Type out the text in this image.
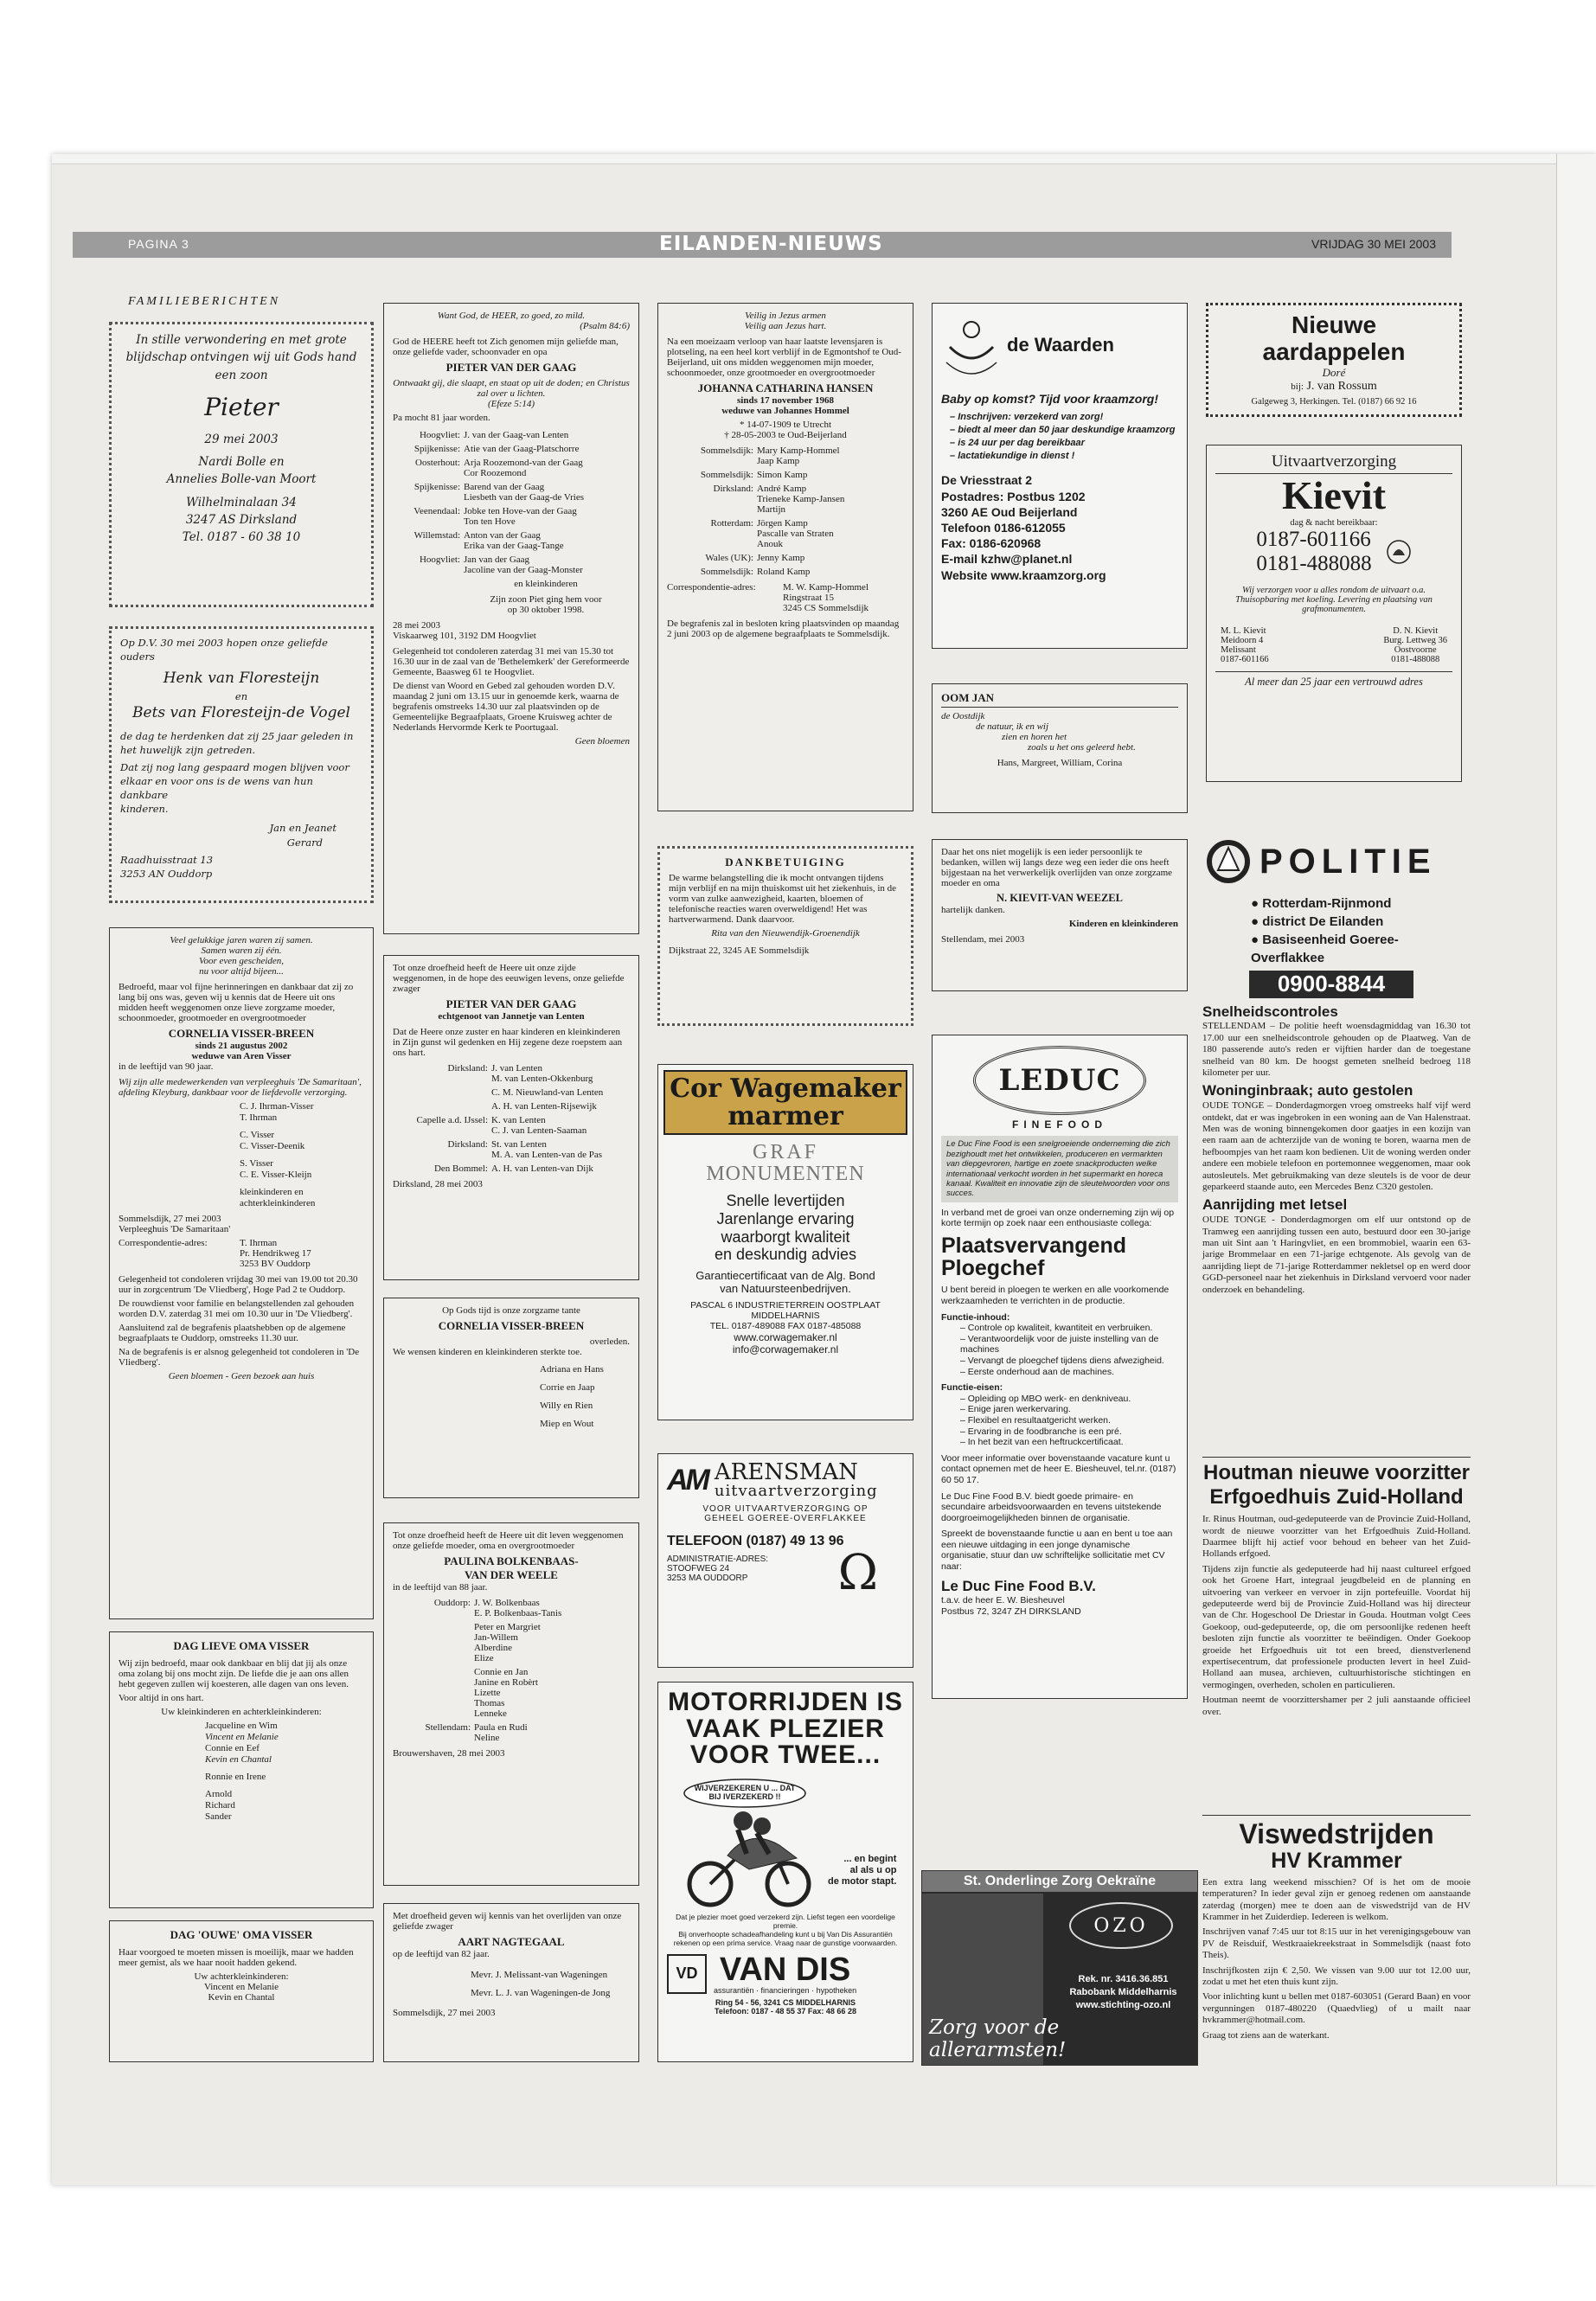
PAGINA 3	EILANDEN-NIEUWS	VRIJDAG 30 MEI 2003
FAMILIEBERICHTEN
In stille verwondering en met grote
blijdschap ontvingen wij uit Gods hand
een zoon
Pieter
29 mei 2003
Nardi Bolle en
Annelies Bolle-van Moort
Wilhelminalaan 34
3247 AS Dirksland
Tel. 0187 - 60 38 10
Op D.V. 30 mei 2003 hopen onze geliefde
ouders
Henk van Floresteijn
en
Bets van Floresteijn-de Vogel
de dag te herdenken dat zij 25 jaar geleden in
het huwelijk zijn getreden.
Dat zij nog lang gespaard mogen blijven voor
elkaar en voor ons is de wens van hun dankbare
kinderen.
Jan en Jeanet
Gerard
Raadhuisstraat 13
3253 AN Ouddorp
Veel gelukkige jaren waren zij samen.
Samen waren zij één.
Voor even gescheiden,
nu voor altijd bijeen...

Bedroefd, maar vol fijne herinneringen en dankbaar dat zij zo lang bij ons was, geven wij u kennis dat de Heere uit ons midden heeft weggenomen onze lieve zorgzame moeder, schoonmoeder, grootmoeder en overgrootmoeder

CORNELIA VISSER-BREEN
sinds 21 augustus 2002
weduwe van Aren Visser
in de leeftijd van 90 jaar.

Wij zijn alle medewerkenden van verpleeghuis 'De Samaritaan', afdeling Kleyburg, dankbaar voor de liefdevolle verzorging.

C. J. Ihrman-Visser
T. Ihrman
C. Visser
C. Visser-Deenik
S. Visser
C. E. Visser-Kleijn
kleinkinderen en
achterkleinkinderen
Sommelsdijk, 27 mei 2003
Verpleeghuis 'De Samaritaan'
Correspondentie-adres:	T. Ihrman
Pr. Hendrikweg 17
3253 BV Ouddorp

Gelegenheid tot condoleren vrijdag 30 mei van 19.00 tot 20.30 uur in zorgcentrum 'De Vliedberg', Hoge Pad 2 te Ouddorp.

De rouwdienst voor familie en belangstellenden zal gehouden worden D.V. zaterdag 31 mei om 10.30 uur in 'De Vliedberg'.

Aansluitend zal de begrafenis plaatshebben op de algemene begraafplaats te Ouddorp, omstreeks 11.30 uur.

Na de begrafenis is er alsnog gelegenheid tot condoleren in 'De Vliedberg'.

Geen bloemen - Geen bezoek aan huis
DAG LIEVE OMA VISSER

Wij zijn bedroefd, maar ook dankbaar en blij dat jij als onze oma zolang bij ons mocht zijn. De liefde die je aan ons allen hebt gegeven zullen wij koesteren, alle dagen van ons leven.

Voor altijd in ons hart.

Uw kleinkinderen en achterkleinkinderen:
Jacqueline en Wim
Vincent en Melanie
Connie en Eef
Kevin en Chantal
Ronnie en Irene
Arnold
Richard
Sander
DAG 'OUWE' OMA VISSER

Haar voorgoed te moeten missen is moeilijk, maar we hadden meer gemist, als we haar nooit hadden gekend.

Uw achterkleinkinderen:
Vincent en Melanie
Kevin en Chantal
Want God, de HEER, zo goed, zo mild.
(Psalm 84:6)

God de HEERE heeft tot Zich genomen mijn geliefde man, onze geliefde vader, schoonvader en opa

PIETER VAN DER GAAG
Ontwaakt gij, die slaapt, en staat op uit de doden; en Christus zal over u lichten.
(Efeze 5:14)
Pa mocht 81 jaar worden.
Hoogvliet: J. van der Gaag-van Lenten
Spijkenisse: Atie van der Gaag-Platschorre
Oosterhout: Arja Roozemond-van der Gaag
Cor Roozemond
Spijkenisse: Barend van der Gaag
Liesbeth van der Gaag-de Vries
Veenendaal: Jobke ten Hove-van der Gaag
Ton ten Hove
Willemstad: Anton van der Gaag
Erika van der Gaag-Tange
Hoogvliet: Jan van der Gaag
Jacoline van der Gaag-Monster
en kleinkinderen
Zijn zoon Piet ging hem voor
op 30 oktober 1998.
28 mei 2003
Viskaarweg 101, 3192 DM Hoogvliet

Gelegenheid tot condoleren zaterdag 31 mei van 15.30 tot 16.30 uur in de zaal van de 'Bethelemkerk' der Gereformeerde Gemeente, Baasweg 61 te Hoogvliet.

De dienst van Woord en Gebed zal gehouden worden D.V. maandag 2 juni om 13.15 uur in genoemde kerk, waarna de begrafenis omstreeks 14.30 uur zal plaatsvinden op de Gemeentelijke Begraafplaats, Groene Kruisweg achter de Nederlands Hervormde Kerk te Poortugaal.

Geen bloemen

Tot onze droefheid heeft de Heere uit onze zijde weggenomen, in de hope des eeuwigen levens, onze geliefde zwager

PIETER VAN DER GAAG
echtgenoot van Jannetje van Lenten

Dat de Heere onze zuster en haar kinderen en kleinkinderen in Zijn gunst wil gedenken en Hij zegene deze roepstem aan ons hart.

Dirksland: J. van Lenten
M. van Lenten-Okkenburg
C. M. Nieuwland-van Lenten
A. H. van Lenten-Rijsewijk
Capelle a.d. IJssel: K. van Lenten
C. J. van Lenten-Saaman
Dirksland: St. van Lenten
M. A. van Lenten-van de Pas
Den Bommel: A. H. van Lenten-van Dijk
Dirksland, 28 mei 2003
Op Gods tijd is onze zorgzame tante
CORNELIA VISSER-BREEN
overleden.

We wensen kinderen en kleinkinderen sterkte toe.

Adriana en Hans
Corrie en Jaap
Willy en Rien
Miep en Wout

Tot onze droefheid heeft de Heere uit dit leven weggenomen onze geliefde moeder, oma en overgrootmoeder

PAULINA BOLKENBAAS-
VAN DER WEELE
in de leeftijd van 88 jaar.
Ouddorp: J. W. Bolkenbaas
E. P. Bolkenbaas-Tanis
Peter en Margriet
Jan-Willem
Alberdine
Elize
Connie en Jan
Janine en Robèrt
Lizette
Thomas
Lenneke
Stellendam: Paula en Rudi
Neline
Brouwershaven, 28 mei 2003

Met droefheid geven wij kennis van het overlijden van onze geliefde zwager

AART NAGTEGAAL
op de leeftijd van 82 jaar.
Mevr. J. Melissant-van Wageningen
Mevr. L. J. van Wageningen-de Jong
Sommelsdijk, 27 mei 2003
Veilig in Jezus armen
Veilig aan Jezus hart.

Na een moeizaam verloop van haar laatste levensjaren is plotseling, na een heel kort verblijf in de Egmontshof te Oud-Beijerland, uit ons midden weggenomen mijn moeder, schoonmoeder, onze grootmoeder en overgrootmoeder

JOHANNA CATHARINA HANSEN
sinds 17 november 1968
weduwe van Johannes Hommel
* 14-07-1909 te Utrecht
† 28-05-2003 te Oud-Beijerland
Sommelsdijk: Mary Kamp-Hommel
Jaap Kamp
Sommelsdijk: Simon Kamp
Dirksland: André Kamp
Trieneke Kamp-Jansen
Martijn
Rotterdam: Jörgen Kamp
Pascalle van Straten
Anouk
Wales (UK): Jenny Kamp
Sommelsdijk: Roland Kamp
Correspondentie-adres:	M. W. Kamp-Hommel
Ringstraat 15
3245 CS Sommelsdijk

De begrafenis zal in besloten kring plaatsvinden op maandag 2 juni 2003 op de algemene begraafplaats te Sommelsdijk.

DANKBETUIGING

De warme belangstelling die ik mocht ontvangen tijdens mijn verblijf en na mijn thuiskomst uit het ziekenhuis, in de vorm van zulke aanwezigheid, kaarten, bloemen of telefonische reacties waren overweldigend! Het was hartverwarmend. Dank daarvoor.

Rita van den Nieuwendijk-Groenendijk
Dijkstraat 22, 3245 AE Sommelsdijk
Cor Wagemaker
marmer
GRAF
MONUMENTEN
Snelle levertijden
Jarenlange ervaring
waarborgt kwaliteit
en deskundig advies
Garantiecertificaat van de Alg. Bond
van Natuursteenbedrijven.
PASCAL 6 INDUSTRIETERREIN OOSTPLAAT
MIDDELHARNIS
TEL. 0187-489088 FAX 0187-485088
www.corwagemaker.nl
info@corwagemaker.nl
AM ARENSMAN
uitvaartverzorging
VOOR UITVAARTVERZORGING OP
GEHEEL GOEREE-OVERFLAKKEE
TELEFOON (0187) 49 13 96
ADMINISTRATIE-ADRES:
STOOFWEG 24
3253 MA OUDDORP	Ω
MOTORRIJDEN IS
VAAK PLEZIER
VOOR TWEE...
WIJVERZEKEREN U ... DAT BIJ IVERZEKERD !!
... en begint
al als u op
de motor stapt.
Dat je plezier moet goed verzekerd zijn. Liefst tegen een voordelige premie.
Bij onverhoopte schadeafhandeling kunt u bij Van Dis Assurantiën rekenen op een prima service. Vraag naar de gunstige voorwaarden.
VD VAN DIS
assurantiën · financieringen · hypotheken
Ring 54 - 56, 3241 CS MIDDELHARNIS
Telefoon: 0187 - 48 55 37 Fax: 48 66 28
de Waarden
Baby op komst? Tijd voor kraamzorg!
– Inschrijven: verzekerd van zorg!
– biedt al meer dan 50 jaar deskundige kraamzorg
– is 24 uur per dag bereikbaar
– lactatiekundige in dienst !
De Vriesstraat 2
Postadres: Postbus 1202
3260 AE Oud Beijerland
Telefoon 0186-612055
Fax: 0186-620968
E-mail kzhw@planet.nl
Website www.kraamzorg.org
OOM JAN
de Oostdijk
de natuur, ik en wij
zien en horen het
zoals u het ons geleerd hebt.
Hans, Margreet, William, Corina

Daar het ons niet mogelijk is een ieder persoonlijk te bedanken, willen wij langs deze weg een ieder die ons heeft bijgestaan na het verwerkelijk overlijden van onze zorgzame moeder en oma

N. KIEVIT-VAN WEEZEL
hartelijk danken.
Kinderen en kleinkinderen
Stellendam, mei 2003
LEDUC
FINEFOOD
Le Duc Fine Food is een snelgroeiende onderneming die zich bezighoudt met het ontwikkelen, produceren en vermarkten van diepgevroren, hartige en zoete snackproducten welke internationaal verkocht worden in het supermarkt en horeca kanaal. Kwaliteit en innovatie zijn de sleutelwoorden voor ons succes.
In verband met de groei van onze onderneming zijn wij op korte termijn op zoek naar een enthousiaste collega:
Plaatsvervangend
Ploegchef
U bent bereid in ploegen te werken en alle voorkomende werkzaamheden te verrichten in de productie.
Functie-inhoud:
– Controle op kwaliteit, kwantiteit en verbruiken.
– Verantwoordelijk voor de juiste instelling van de machines
– Vervangt de ploegchef tijdens diens afwezigheid.
– Eerste onderhoud aan de machines.
Functie-eisen:
– Opleiding op MBO werk- en denkniveau.
– Enige jaren werkervaring.
– Flexibel en resultaatgericht werken.
– Ervaring in de foodbranche is een pré.
– In het bezit van een heftruckcertificaat.
Voor meer informatie over bovenstaande vacature kunt u contact opnemen met de heer E. Biesheuvel, tel.nr. (0187) 60 50 17.
Le Duc Fine Food B.V. biedt goede primaire- en secundaire arbeidsvoorwaarden en tevens uitstekende doorgroeimogelijkheden binnen de organisatie.
Spreekt de bovenstaande functie u aan en bent u toe aan een nieuwe uitdaging in een jonge dynamische organisatie, stuur dan uw schriftelijke sollicitatie met CV naar:
Le Duc Fine Food B.V.
t.a.v. de heer E. W. Biesheuvel
Postbus 72, 3247 ZH DIRKSLAND
St. Onderlinge Zorg Oekraïne
OZO
Rek. nr. 3416.36.851
Rabobank Middelharnis
www.stichting-ozo.nl
Zorg voor de allerarmsten!
Nieuwe aardappelen
Doré
bij: J. van Rossum
Galgeweg 3, Herkingen. Tel. (0187) 66 92 16
Uitvaartverzorging
Kievit
dag & nacht bereikbaar:
0187-601166
0181-488088
Wij verzorgen voor u alles rondom de uitvaart o.a. Thuisopbaring met koeling. Levering en plaatsing van grafmonumenten.
M. L. Kievit
Meidoorn 4
Melissant
0187-601166
D. N. Kievit
Burg. Lettweg 36
Oostvoorne
0181-488088
Al meer dan 25 jaar een vertrouwd adres
POLITIE
● Rotterdam-Rijnmond
● district De Eilanden
● Basiseenheid Goeree-Overflakkee
0900-8844
Snelheidscontroles

STELLENDAM – De politie heeft woensdagmiddag van 16.30 tot 17.00 uur een snelheidscontrole gehouden op de Plaatweg. Van de 180 passerende auto's reden er vijftien harder dan de toegestane snelheid van 80 km. De hoogst gemeten snelheid bedroeg 118 kilometer per uur.

Woninginbraak; auto gestolen

OUDE TONGE – Donderdagmorgen vroeg omstreeks half vijf werd ontdekt, dat er was ingebroken in een woning aan de Van Halenstraat. Men was de woning binnengekomen door gaatjes in een kozijn van een raam aan de achterzijde van de woning te boren, waarna men de hefboompjes van het raam kon bedienen. Uit de woning werden onder andere een mobiele telefoon en portemonnee weggenomen, maar ook autosleutels. Met gebruikmaking van deze sleutels is de voor de deur geparkeerd staande auto, een Mercedes Benz C320 gestolen.

Aanrijding met letsel

OUDE TONGE - Donderdagmorgen om elf uur ontstond op de Tramweg een aanrijding tussen een auto, bestuurd door een 30-jarige man uit Sint aan 't Haringvliet, en een brommobiel, waarin een 63-jarige Brommelaar en een 71-jarige echtgenote. Als gevolg van de aanrijding liept de 71-jarige Rotterdammer nekletsel op en werd door GGD-personeel naar het ziekenhuis in Dirksland vervoerd voor nader onderzoek en behandeling.

Houtman nieuwe voorzitter
Erfgoedhuis Zuid-Holland

Ir. Rinus Houtman, oud-gedeputeerde van de Provincie Zuid-Holland, wordt de nieuwe voorzitter van het Erfgoedhuis Zuid-Holland. Daarmee blijft hij actief voor behoud en beheer van het Zuid-Hollands erfgoed.

Tijdens zijn functie als gedeputeerde had hij naast cultureel erfgoed ook het Groene Hart, integraal jeugdbeleid en de planning en uitvoering van verkeer en vervoer in zijn portefeuille. Voordat hij gedeputeerde werd bij de Provincie Zuid-Holland was hij directeur van de Chr. Hogeschool De Driestar in Gouda. Houtman volgt Cees Goekoop, oud-gedeputeerde, op, die om persoonlijke redenen heeft besloten zijn functie als voorzitter te beëindigen. Onder Goekoop groeide het Erfgoedhuis uit tot een breed, dienstverlenend expertisecentrum, dat professionele producten levert in heel Zuid-Holland aan musea, archieven, cultuurhistorische stichtingen en vermogingen, overheden, scholen en particulieren.

Houtman neemt de voorzittershamer per 2 juli aanstaande officieel over.

Viswedstrijden
HV Krammer

Een extra lang weekend misschien? Of is het om de mooie temperaturen? In ieder geval zijn er genoeg redenen om aanstaande zaterdag (morgen) mee te doen aan de viswedstrijd van de HV Krammer in het Zuiderdiep. Iedereen is welkom.

Inschrijven vanaf 7:45 uur tot 8:15 uur in het verenigingsgebouw van PV de Reisduif, Westkraaiekreekstraat in Sommelsdijk (naast foto Theis).

Inschrijfkosten zijn € 2,50. We vissen van 9.00 uur tot 12.00 uur, zodat u met het eten thuis kunt zijn.

Voor inlichting kunt u bellen met 0187-603051 (Gerard Baan) en voor vergunningen 0187-480220 (Quaedvlieg) of u mailt naar hvkrammer@hotmail.com.

Graag tot ziens aan de waterkant.
